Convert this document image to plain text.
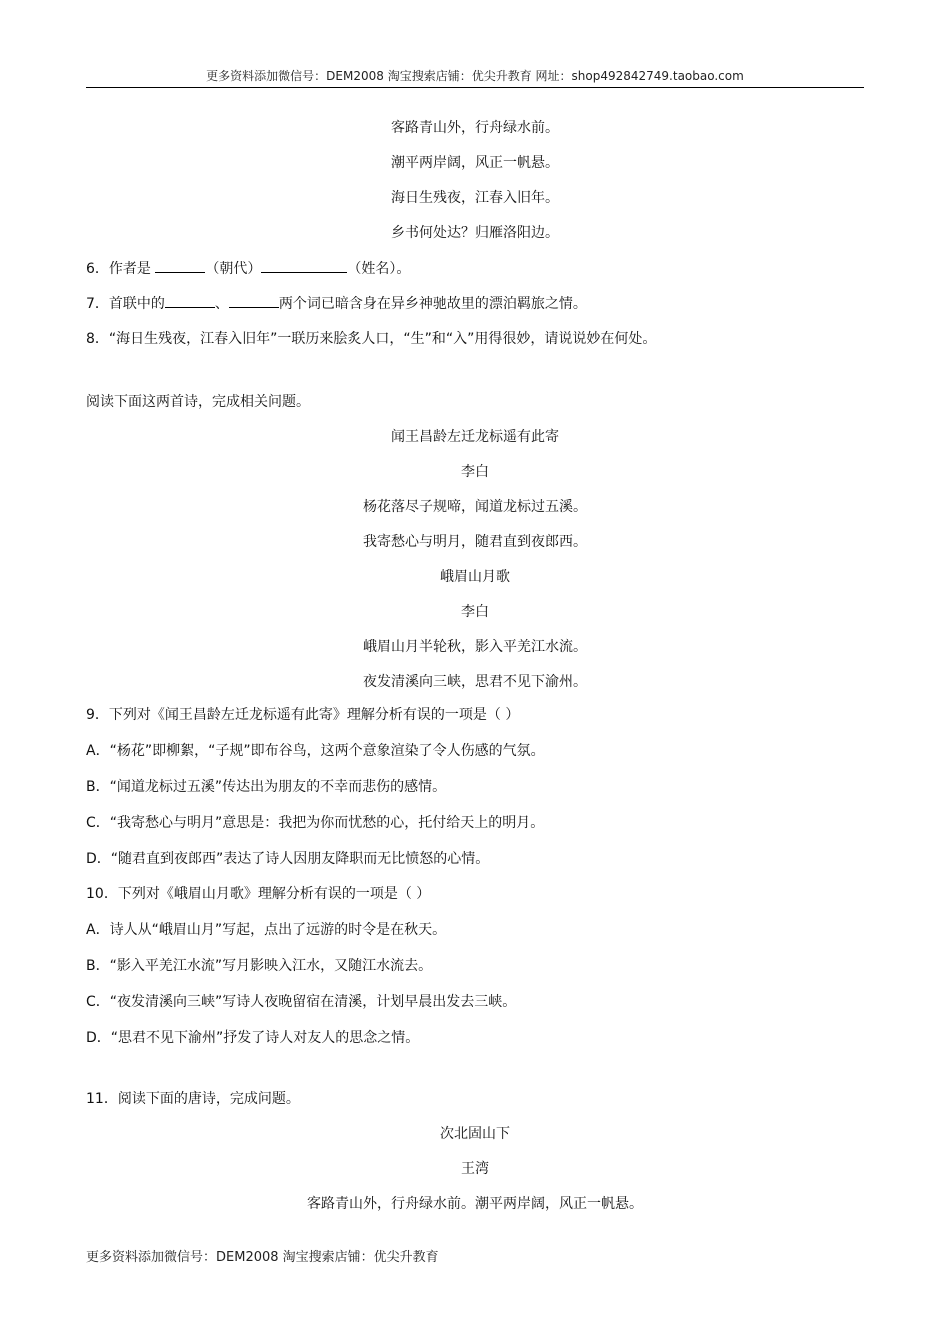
更多资料添加微信号：DEM2008 淘宝搜索店铺：优尖升教育 网址：shop492842749.taobao.com
客路青山外，行舟绿水前。
潮平两岸阔，风正一帆悬。
海日生残夜，江春入旧年。
乡书何处达？归雁洛阳边。
6．作者是	（朝代）	（姓名）。
7．首联中的	、	两个词已暗含身在异乡神驰故里的漂泊羁旅之情。
8．“海日生残夜，江春入旧年”一联历来脍炙人口，“生”和“入”用得很妙，请说说妙在何处。
阅读下面这两首诗，完成相关问题。
闻王昌龄左迁龙标遥有此寄
李白
杨花落尽子规啼，闻道龙标过五溪。
我寄愁心与明月，随君直到夜郎西。
峨眉山月歌
李白
峨眉山月半轮秋，影入平羌江水流。
夜发清溪向三峡，思君不见下渝州。
9．下列对《闻王昌龄左迁龙标遥有此寄》理解分析有误的一项是（ ）
A．“杨花”即柳絮，“子规”即布谷鸟，这两个意象渲染了令人伤感的气氛。
B．“闻道龙标过五溪”传达出为朋友的不幸而悲伤的感情。
C．“我寄愁心与明月”意思是：我把为你而忧愁的心，托付给天上的明月。
D．“随君直到夜郎西”表达了诗人因朋友降职而无比愤怒的心情。
10．下列对《峨眉山月歌》理解分析有误的一项是（ ）
A．诗人从“峨眉山月”写起，点出了远游的时令是在秋天。
B．“影入平羌江水流”写月影映入江水，又随江水流去。
C．“夜发清溪向三峡”写诗人夜晚留宿在清溪，计划早晨出发去三峡。
D．“思君不见下渝州”抒发了诗人对友人的思念之情。
11．阅读下面的唐诗，完成问题。
次北固山下
王湾
客路青山外，行舟绿水前。潮平两岸阔，风正一帆悬。
更多资料添加微信号：DEM2008 淘宝搜索店铺：优尖升教育
